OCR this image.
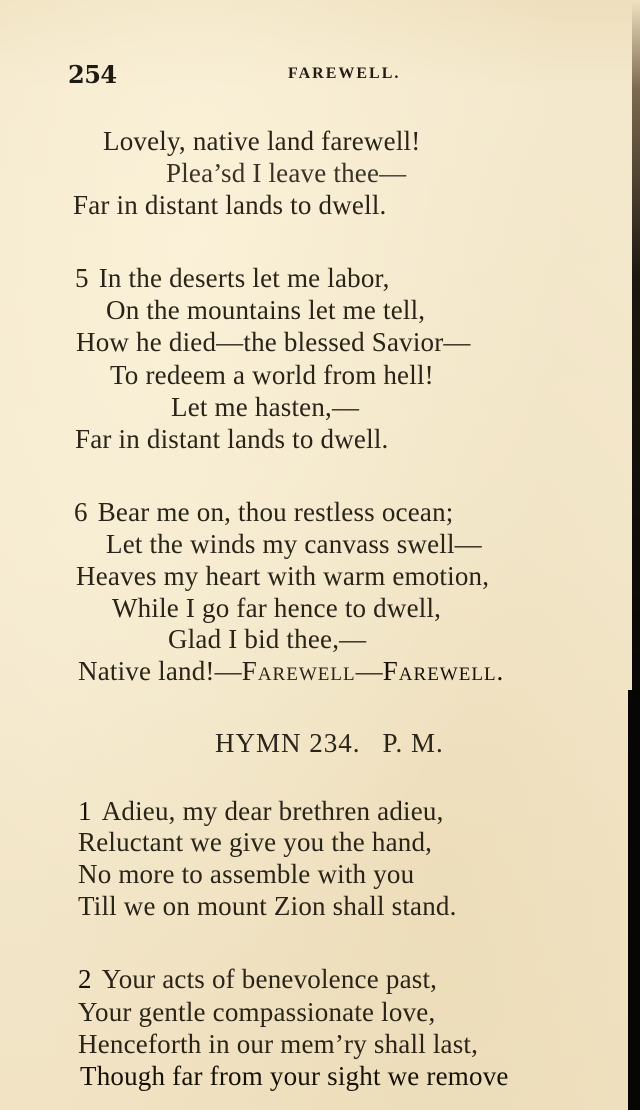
254	FAREWELL.
Lovely, native land farewell!
Plea’sd I leave thee—
Far in distant lands to dwell.
5 In the deserts let me labor,
On the mountains let me tell,
How he died—the blessed Savior—
To redeem a world from hell!
Let me hasten,—
Far in distant lands to dwell.
6 Bear me on, thou restless ocean;
Let the winds my canvass swell—
Heaves my heart with warm emotion,
While I go far hence to dwell,
Glad I bid thee,—
Native land!—Farewell—Farewell.
HYMN 234. P. M.
1 Adieu, my dear brethren adieu,
Reluctant we give you the hand,
No more to assemble with you
Till we on mount Zion shall stand.
2 Your acts of benevolence past,
Your gentle compassionate love,
Henceforth in our mem’ry shall last,
Though far from your sight we remove
